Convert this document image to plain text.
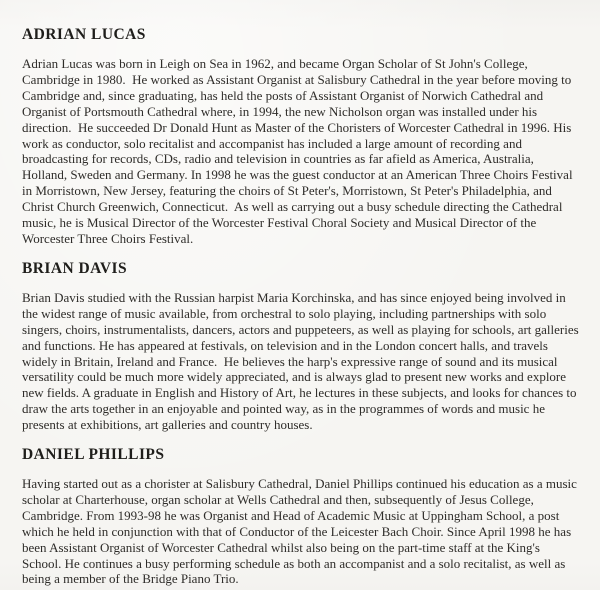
ADRIAN LUCAS

Adrian Lucas was born in Leigh on Sea in 1962, and became Organ Scholar of St John's College, Cambridge in 1980.  He worked as Assistant Organist at Salisbury Cathedral in the year before moving to Cambridge and, since graduating, has held the posts of Assistant Organist of Norwich Cathedral and Organist of Portsmouth Cathedral where, in 1994, the new Nicholson organ was installed under his direction.  He succeeded Dr Donald Hunt as Master of the Choristers of Worcester Cathedral in 1996. His work as conductor, solo recitalist and accompanist has included a large amount of recording and broadcasting for records, CDs, radio and television in countries as far afield as America, Australia, Holland, Sweden and Germany. In 1998 he was the guest conductor at an American Three Choirs Festival in Morristown, New Jersey, featuring the choirs of St Peter's, Morristown, St Peter's Philadelphia, and Christ Church Greenwich, Connecticut.  As well as carrying out a busy schedule directing the Cathedral music, he is Musical Director of the Worcester Festival Choral Society and Musical Director of the Worcester Three Choirs Festival.

BRIAN DAVIS

Brian Davis studied with the Russian harpist Maria Korchinska, and has since enjoyed being involved in the widest range of music available, from orchestral to solo playing, including partnerships with solo singers, choirs, instrumentalists, dancers, actors and puppeteers, as well as playing for schools, art galleries and functions. He has appeared at festivals, on television and in the London concert halls, and travels widely in Britain, Ireland and France.  He believes the harp's expressive range of sound and its musical versatility could be much more widely appreciated, and is always glad to present new works and explore new fields. A graduate in English and History of Art, he lectures in these subjects, and looks for chances to draw the arts together in an enjoyable and pointed way, as in the programmes of words and music he presents at exhibitions, art galleries and country houses.

DANIEL PHILLIPS

Having started out as a chorister at Salisbury Cathedral, Daniel Phillips continued his education as a music scholar at Charterhouse, organ scholar at Wells Cathedral and then, subsequently of Jesus College, Cambridge. From 1993-98 he was Organist and Head of Academic Music at Uppingham School, a post which he held in conjunction with that of Conductor of the Leicester Bach Choir. Since April 1998 he has been Assistant Organist of Worcester Cathedral whilst also being on the part-time staff at the King's School. He continues a busy performing schedule as both an accompanist and a solo recitalist, as well as being a member of the Bridge Piano Trio.
